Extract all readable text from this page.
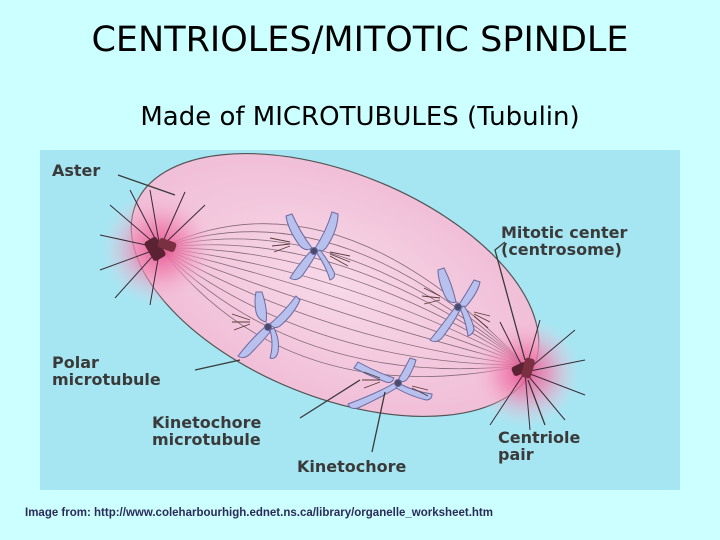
CENTRIOLES/MITOTIC SPINDLE
Made of MICROTUBULES (Tubulin)
Aster
Mitotic center
(centrosome)
Polar
microtubule
Kinetochore
microtubule
Kinetochore
Centriole
pair
Image from: http://www.coleharbourhigh.ednet.ns.ca/library/organelle_worksheet.htm
